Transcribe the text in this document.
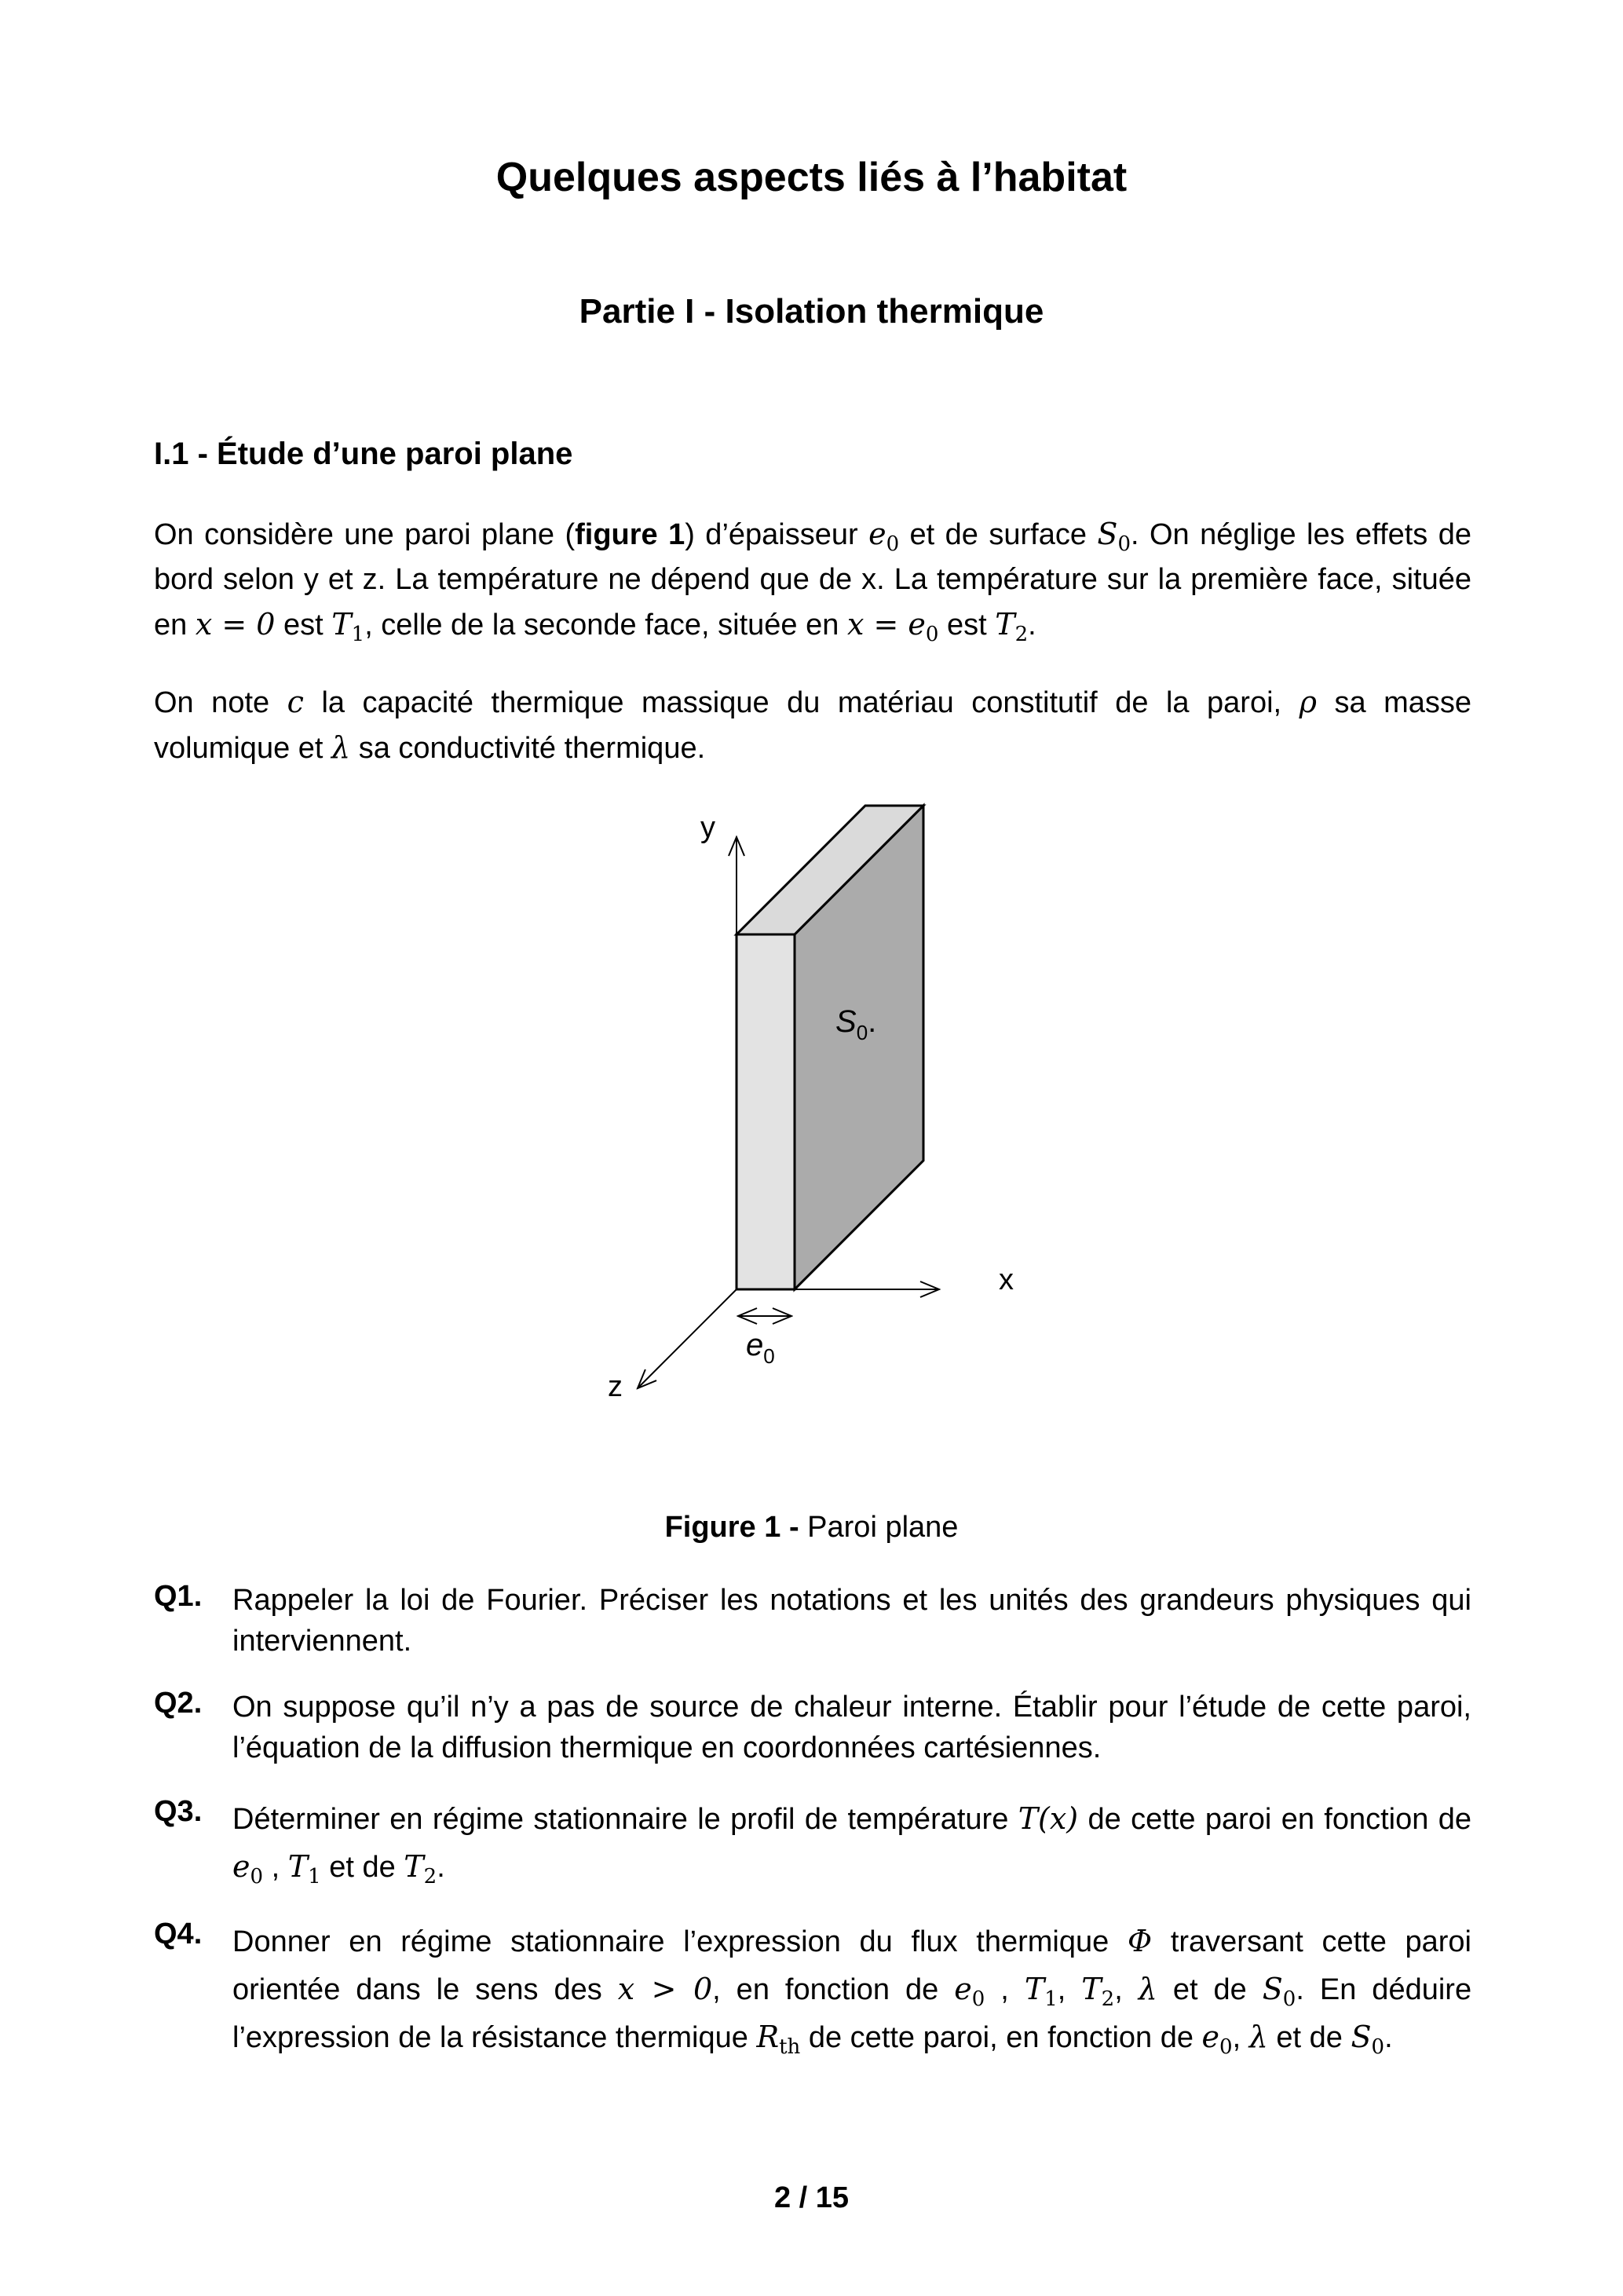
Quelques aspects liés à l’habitat
Partie I - Isolation thermique
I.1 - Étude d’une paroi plane

On considère une paroi plane (figure 1) d’épaisseur $e_0$ et de surface $S_0$. On néglige les effets de bord selon y et z. La température ne dépend que de x. La température sur la première face, située en x = 0 est $T_1$, celle de la seconde face, située en $x = e_0$ est $T_2$.

On note c la capacité thermique massique du matériau constitutif de la paroi, ρ sa masse volumique et λ sa conductivité thermique.

y
x
z
$S_0$.
$e_0$
Figure 1 - Paroi plane
Q1. Rappeler la loi de Fourier. Préciser les notations et les unités des grandeurs physiques qui interviennent.
Q2. On suppose qu’il n’y a pas de source de chaleur interne. Établir pour l’étude de cette paroi, l’équation de la diffusion thermique en coordonnées cartésiennes.
Q3. Déterminer en régime stationnaire le profil de température T(x) de cette paroi en fonction de $e_0$ , $T_1$ et de $T_2$.
Q4. Donner en régime stationnaire l’expression du flux thermique Φ traversant cette paroi orientée dans le sens des x > 0, en fonction de $e_0$ , $T_1$, $T_2$, λ et de $S_0$. En déduire l’expression de la résistance thermique $R_{th}$ de cette paroi, en fonction de $e_0$, λ et de $S_0$.
2 / 15
